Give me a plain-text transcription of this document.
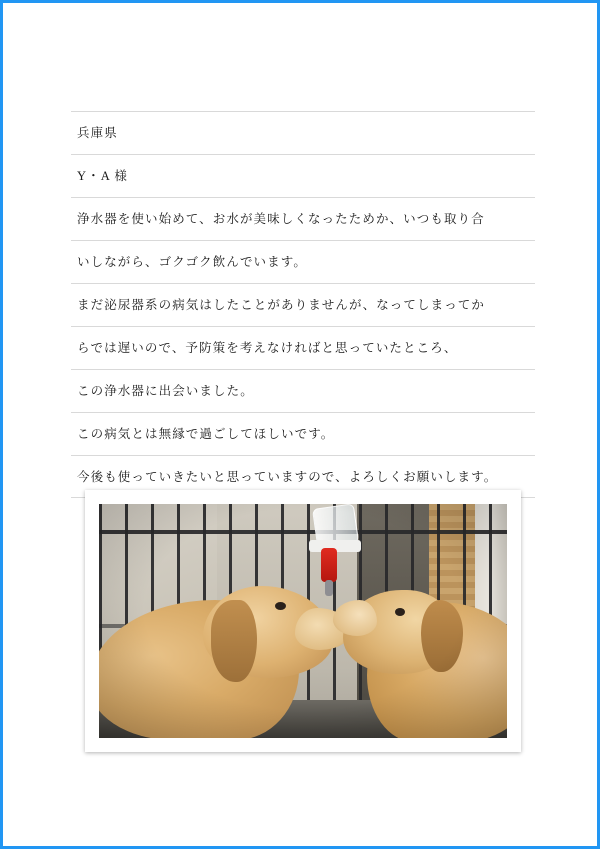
兵庫県
Y・A 様
浄水器を使い始めて、お水が美味しくなったためか、いつも取り合
いしながら、ゴクゴク飲んでいます。
まだ泌尿器系の病気はしたことがありませんが、なってしまってか
らでは遅いので、予防策を考えなければと思っていたところ、
この浄水器に出会いました。
この病気とは無縁で過ごしてほしいです。
今後も使っていきたいと思っていますので、よろしくお願いします。
